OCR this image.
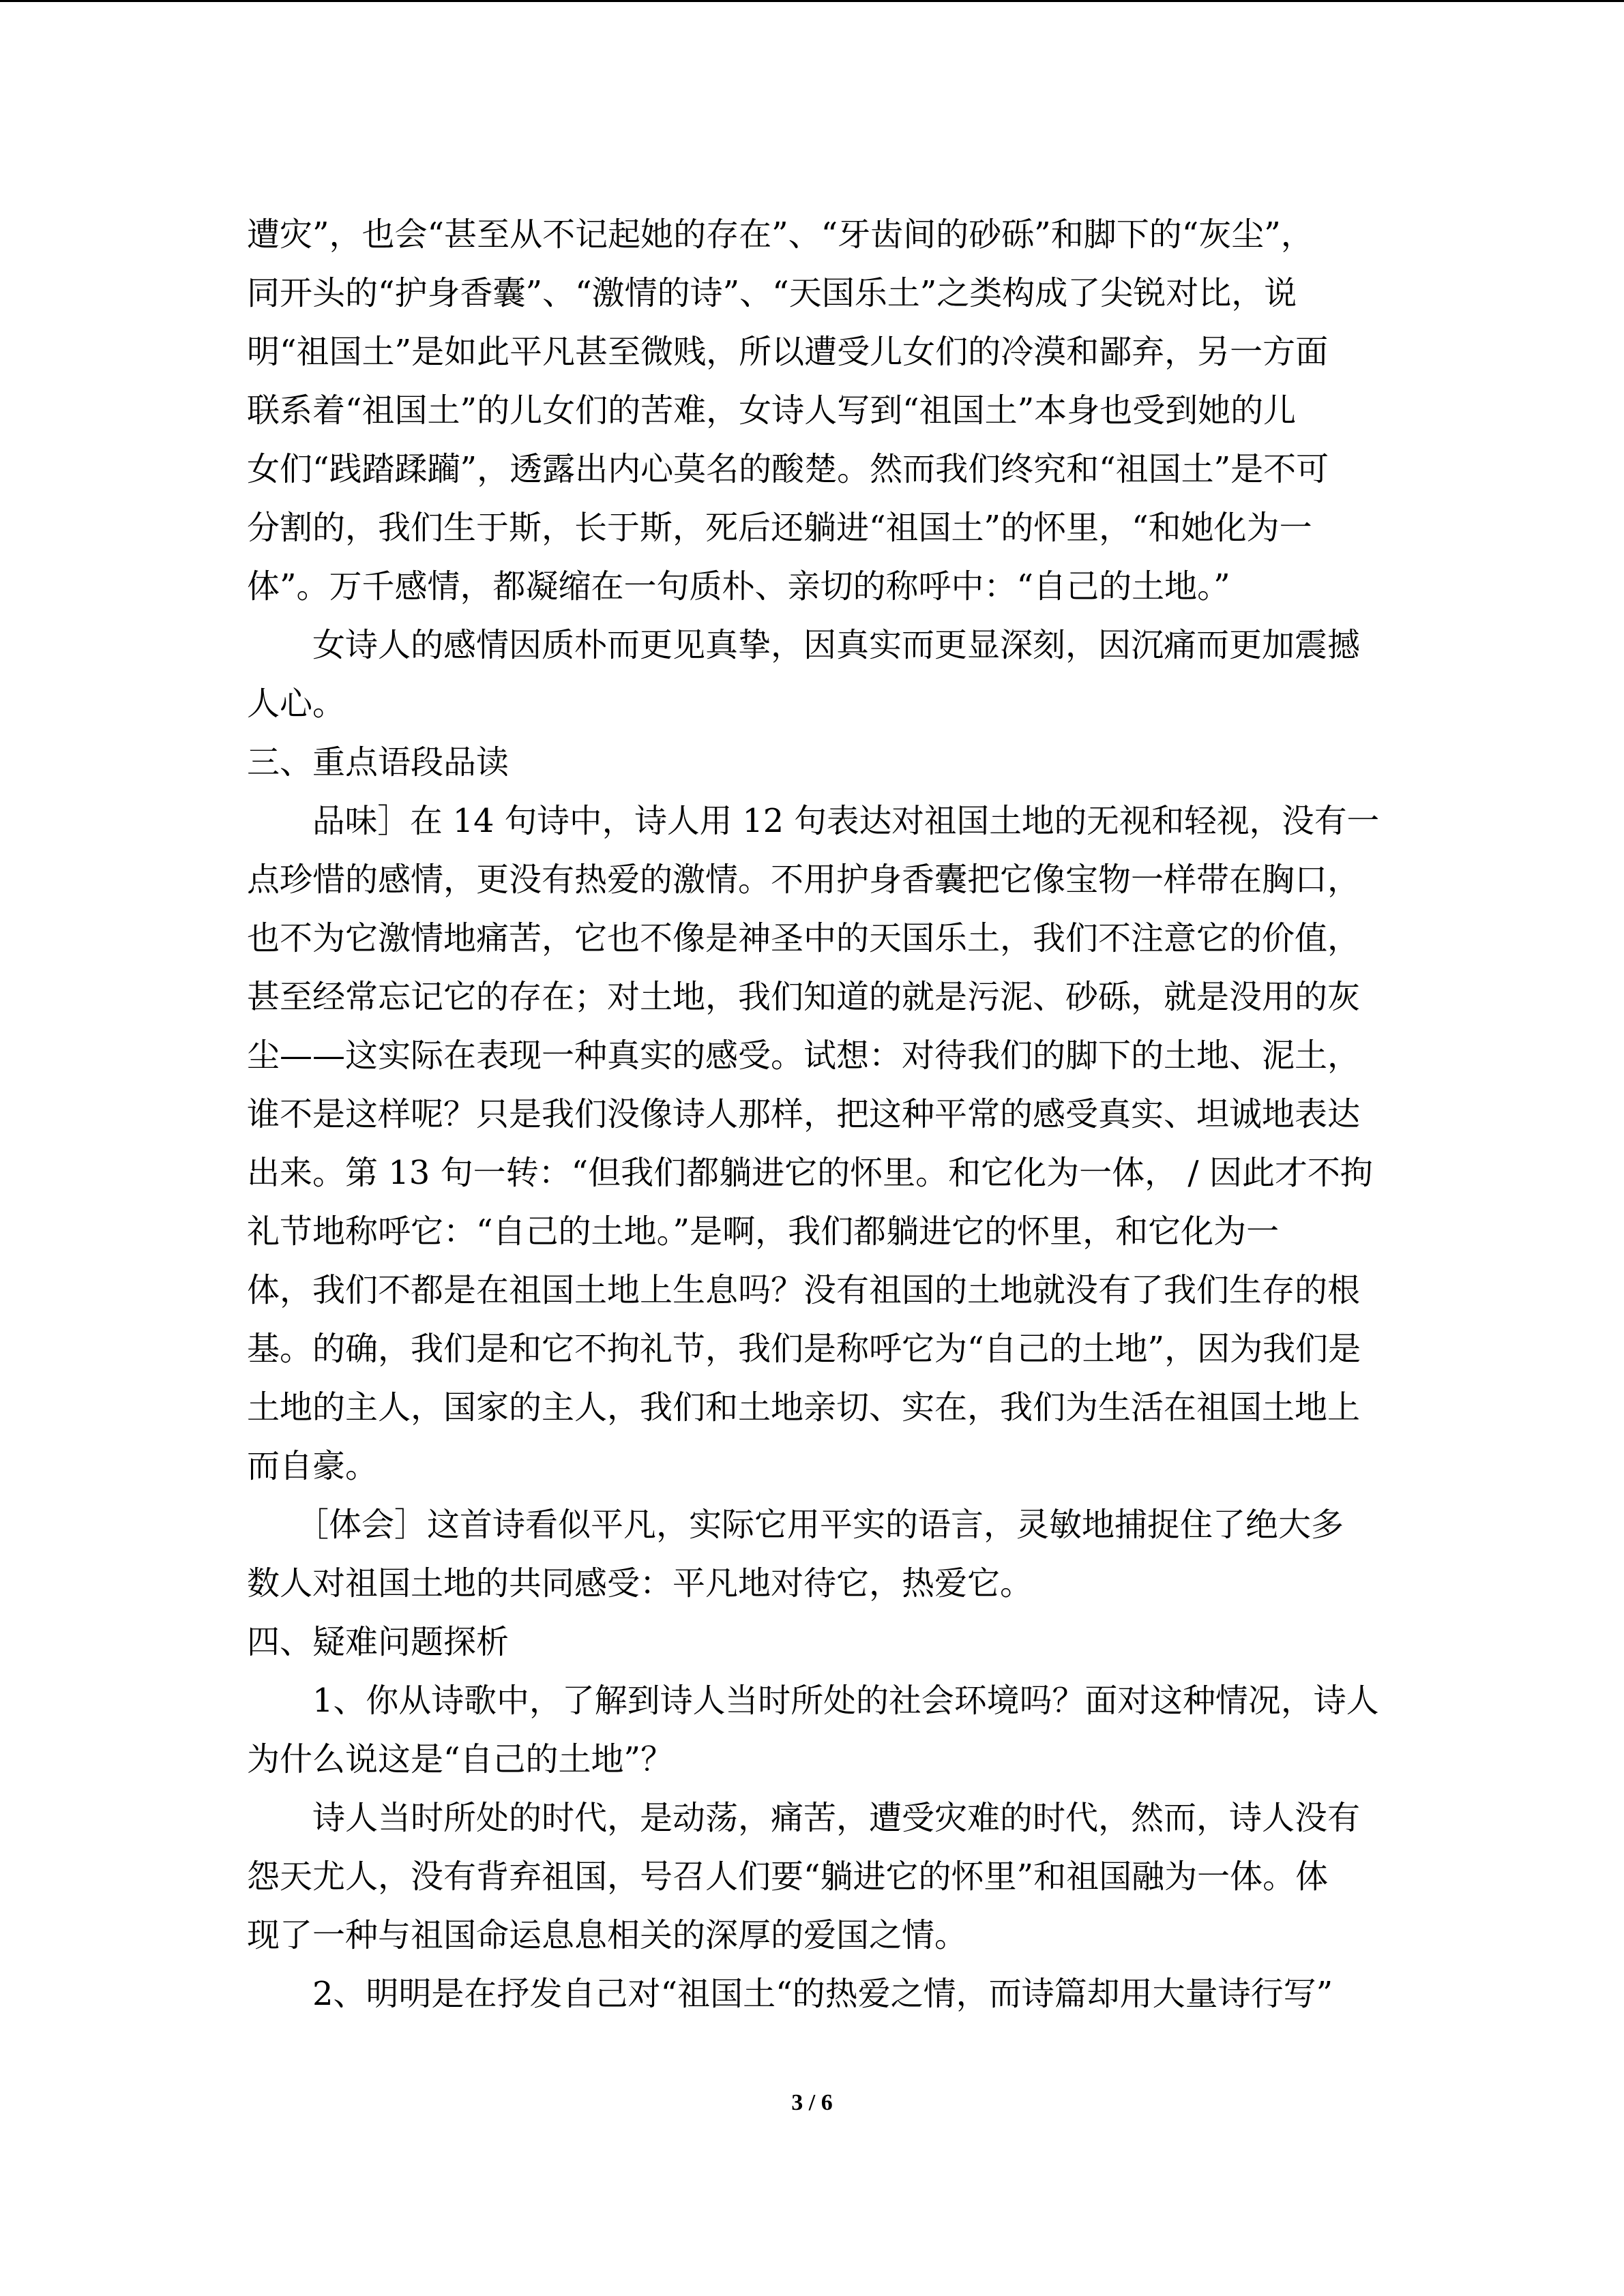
遭灾”，也会“甚至从不记起她的存在”、“牙齿间的砂砾”和脚下的“灰尘”，
同开头的“护身香囊”、“激情的诗”、“天国乐土”之类构成了尖锐对比，说
明“祖国土”是如此平凡甚至微贱，所以遭受儿女们的冷漠和鄙弃，另一方面
联系着“祖国土”的儿女们的苦难，女诗人写到“祖国土”本身也受到她的儿
女们“践踏蹂躏”，透露出内心莫名的酸楚。然而我们终究和“祖国土”是不可
分割的，我们生于斯，长于斯，死后还躺进“祖国土”的怀里，“和她化为一
体”。万千感情，都凝缩在一句质朴、亲切的称呼中：“自己的土地。”
女诗人的感情因质朴而更见真挚，因真实而更显深刻，因沉痛而更加震撼
人心。
三、重点语段品读
品味］在 14 句诗中，诗人用 12 句表达对祖国土地的无视和轻视，没有一
点珍惜的感情，更没有热爱的激情。不用护身香囊把它像宝物一样带在胸口，
也不为它激情地痛苦，它也不像是神圣中的天国乐土，我们不注意它的价值，
甚至经常忘记它的存在；对土地，我们知道的就是污泥、砂砾，就是没用的灰
尘——这实际在表现一种真实的感受。试想：对待我们的脚下的土地、泥土，
谁不是这样呢？只是我们没像诗人那样，把这种平常的感受真实、坦诚地表达
出来。第 13 句一转：“但我们都躺进它的怀里。和它化为一体， / 因此才不拘
礼节地称呼它：“自己的土地。”是啊，我们都躺进它的怀里，和它化为一
体，我们不都是在祖国土地上生息吗？没有祖国的土地就没有了我们生存的根
基。的确，我们是和它不拘礼节，我们是称呼它为“自己的土地”，因为我们是
土地的主人，国家的主人，我们和土地亲切、实在，我们为生活在祖国土地上
而自豪。
［体会］这首诗看似平凡，实际它用平实的语言，灵敏地捕捉住了绝大多
数人对祖国土地的共同感受：平凡地对待它，热爱它。
四、疑难问题探析
1、你从诗歌中，了解到诗人当时所处的社会环境吗？面对这种情况，诗人
为什么说这是“自己的土地”？
诗人当时所处的时代，是动荡，痛苦，遭受灾难的时代，然而，诗人没有
怨天尤人，没有背弃祖国，号召人们要“躺进它的怀里”和祖国融为一体。体
现了一种与祖国命运息息相关的深厚的爱国之情。
2、明明是在抒发自己对“祖国土“的热爱之情，而诗篇却用大量诗行写”
3 / 6
